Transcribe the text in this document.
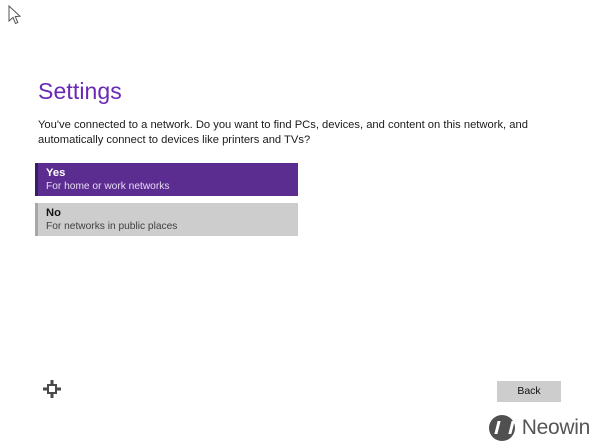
Settings
You've connected to a network. Do you want to find PCs, devices, and content on this network, and automatically connect to devices like printers and TVs?
Yes
For home or work networks
No
For networks in public places
Back
Neowin
